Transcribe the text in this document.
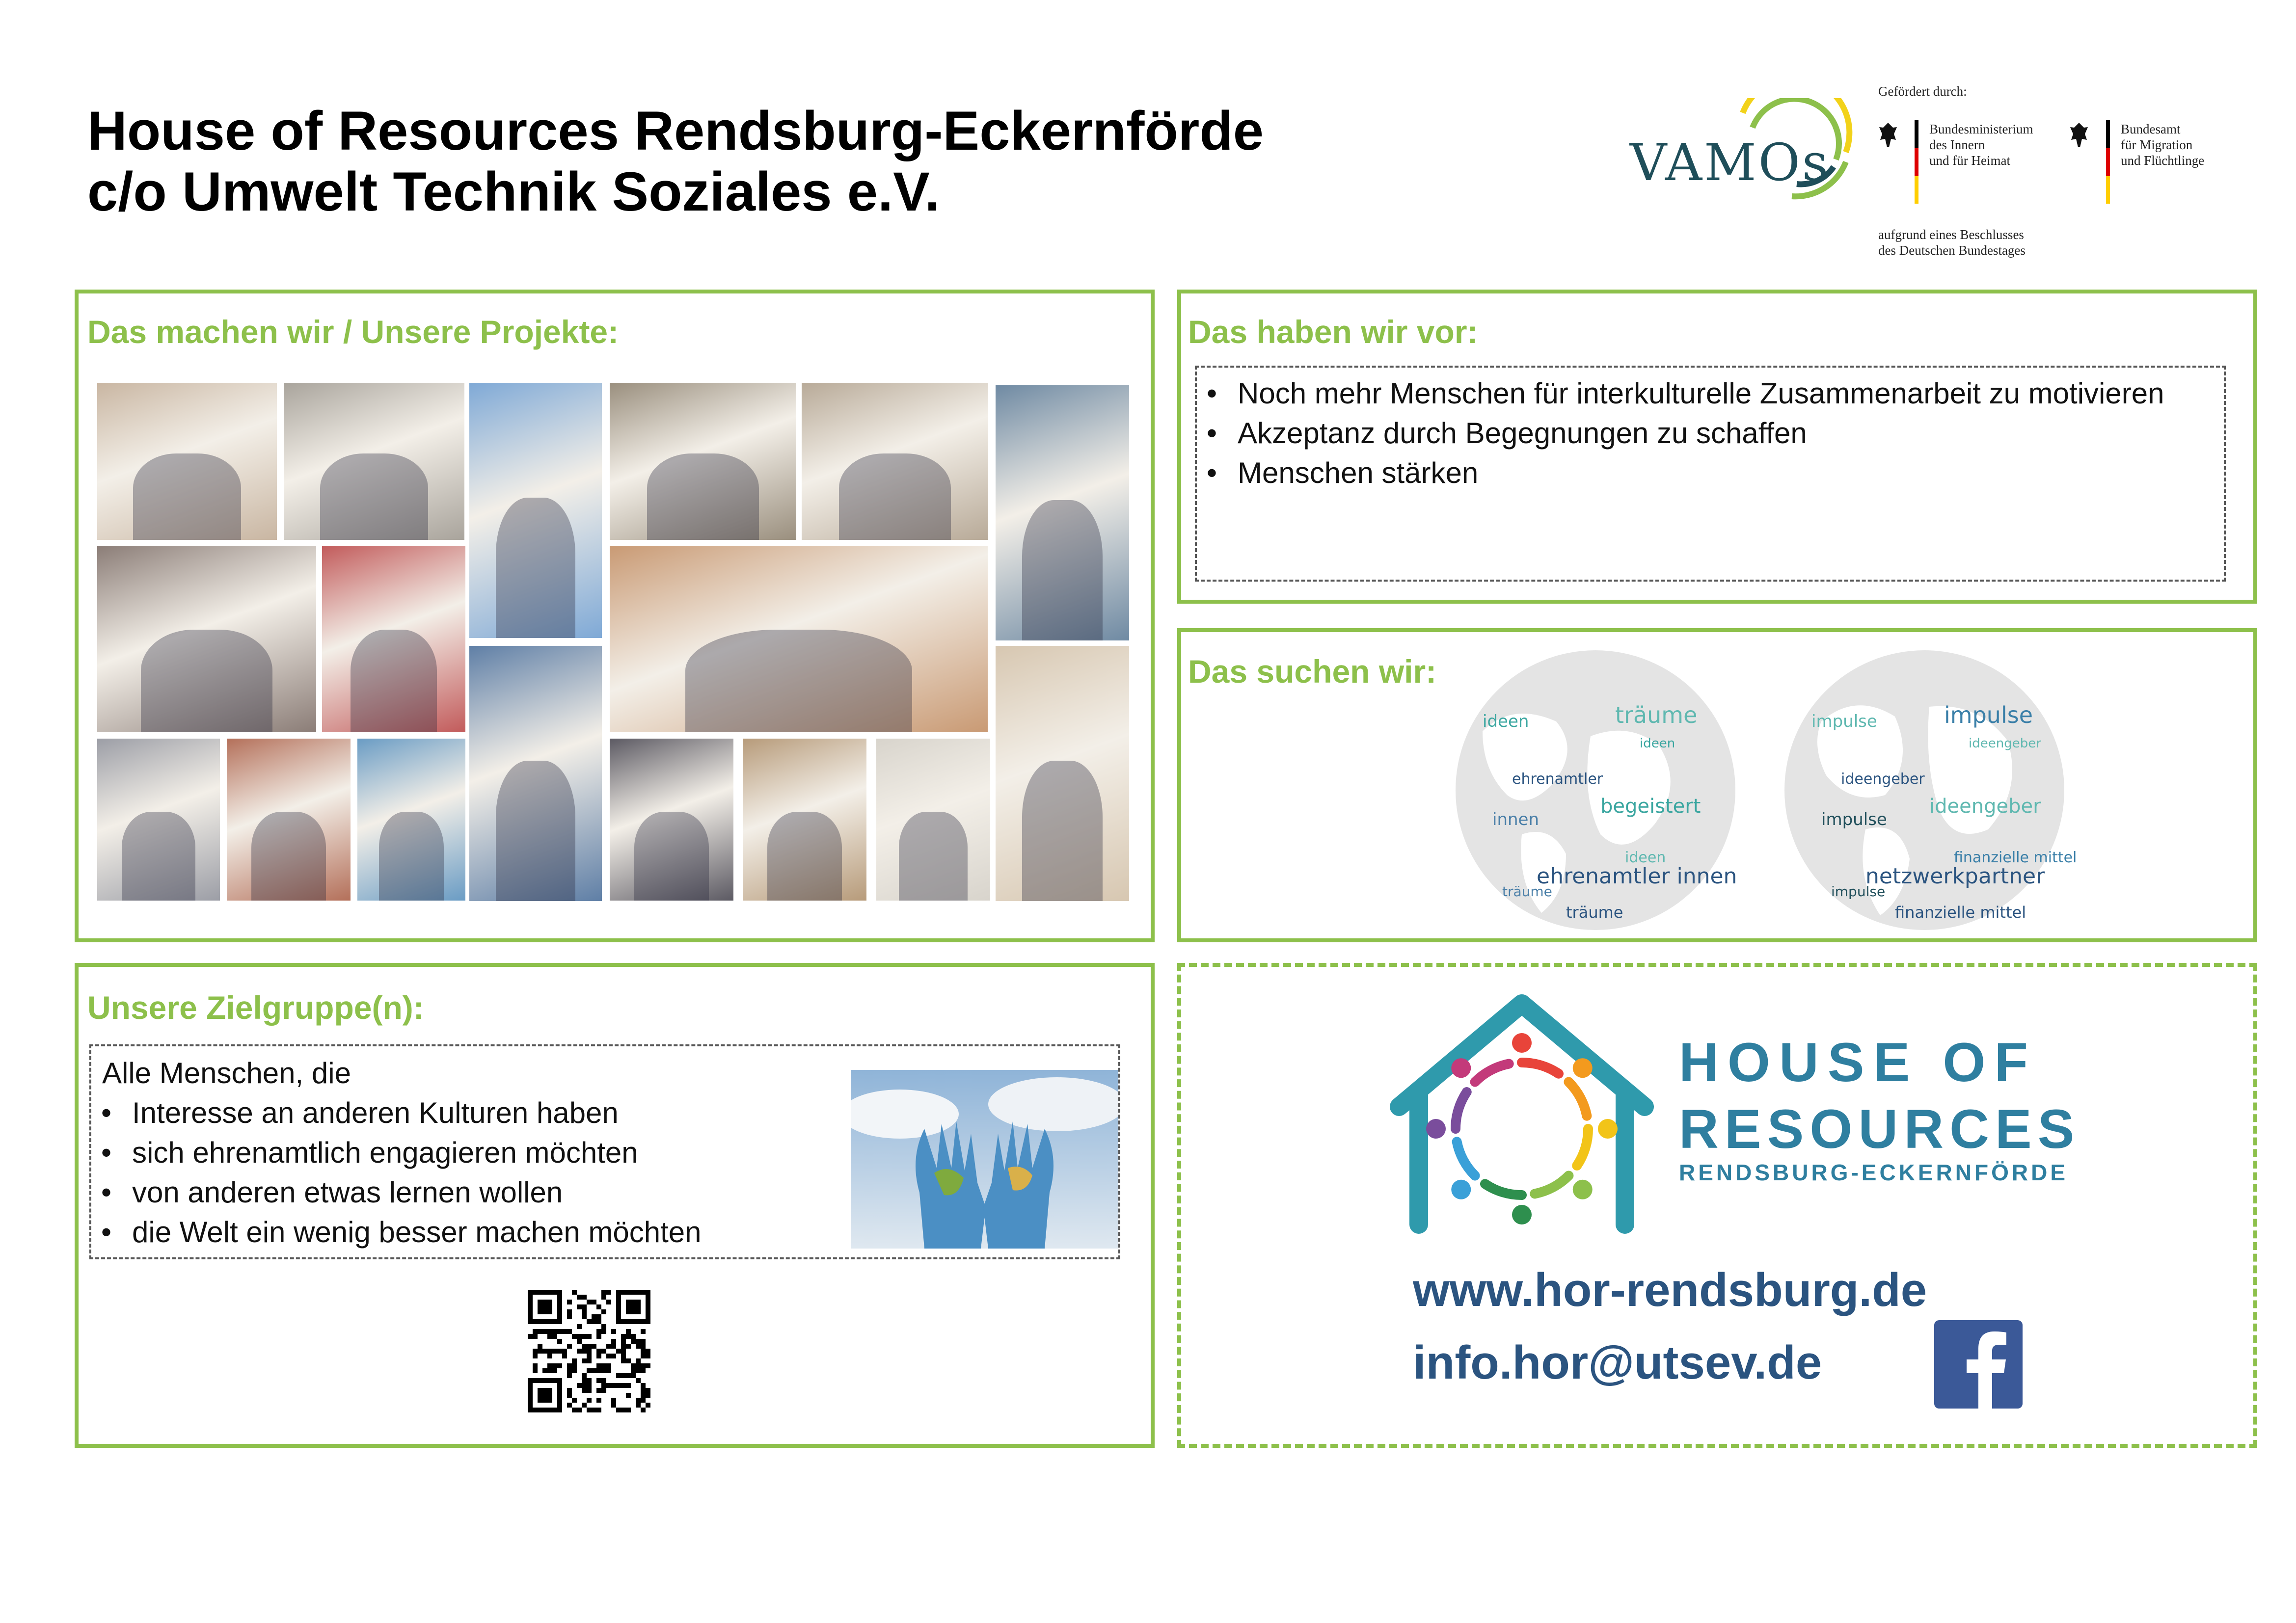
House of Resources Rendsburg-Eckernförde
c/o Umwelt Technik Soziales e.V.	VAMOs
Gefördert durch:
Bundesministerium
des Innern
und für Heimat
Bundesamt
für Migration
und Flüchtlinge
aufgrund eines Beschlusses
des Deutschen Bundestages
Das machen wir / Unsere Projekte:	Das haben wir vor:
• Noch mehr Menschen für interkulturelle Zusammenarbeit zu motivieren
• Akzeptanz durch Begegnungen zu schaffen
• Menschen stärken
Das suchen wir:
ideen
ehrenamtler
träume
innen
begeistert
ehrenamtler innen
ideen
träume
ideen
träume
impulse
ideengeber
impulse
impulse
ideengeber
netzwerkpartner
finanzielle mittel
impulse
ideengeber
finanzielle mittel
Unsere Zielgruppe(n):
Alle Menschen, die
• Interesse an anderen Kulturen haben
• sich ehrenamtlich engagieren möchten
• von anderen etwas lernen wollen
• die Welt ein wenig besser machen möchten
HOUSE OF
RESOURCES
RENDSBURG-ECKERNFÖRDE
www.hor-rendsburg.de
info.hor@utsev.de
